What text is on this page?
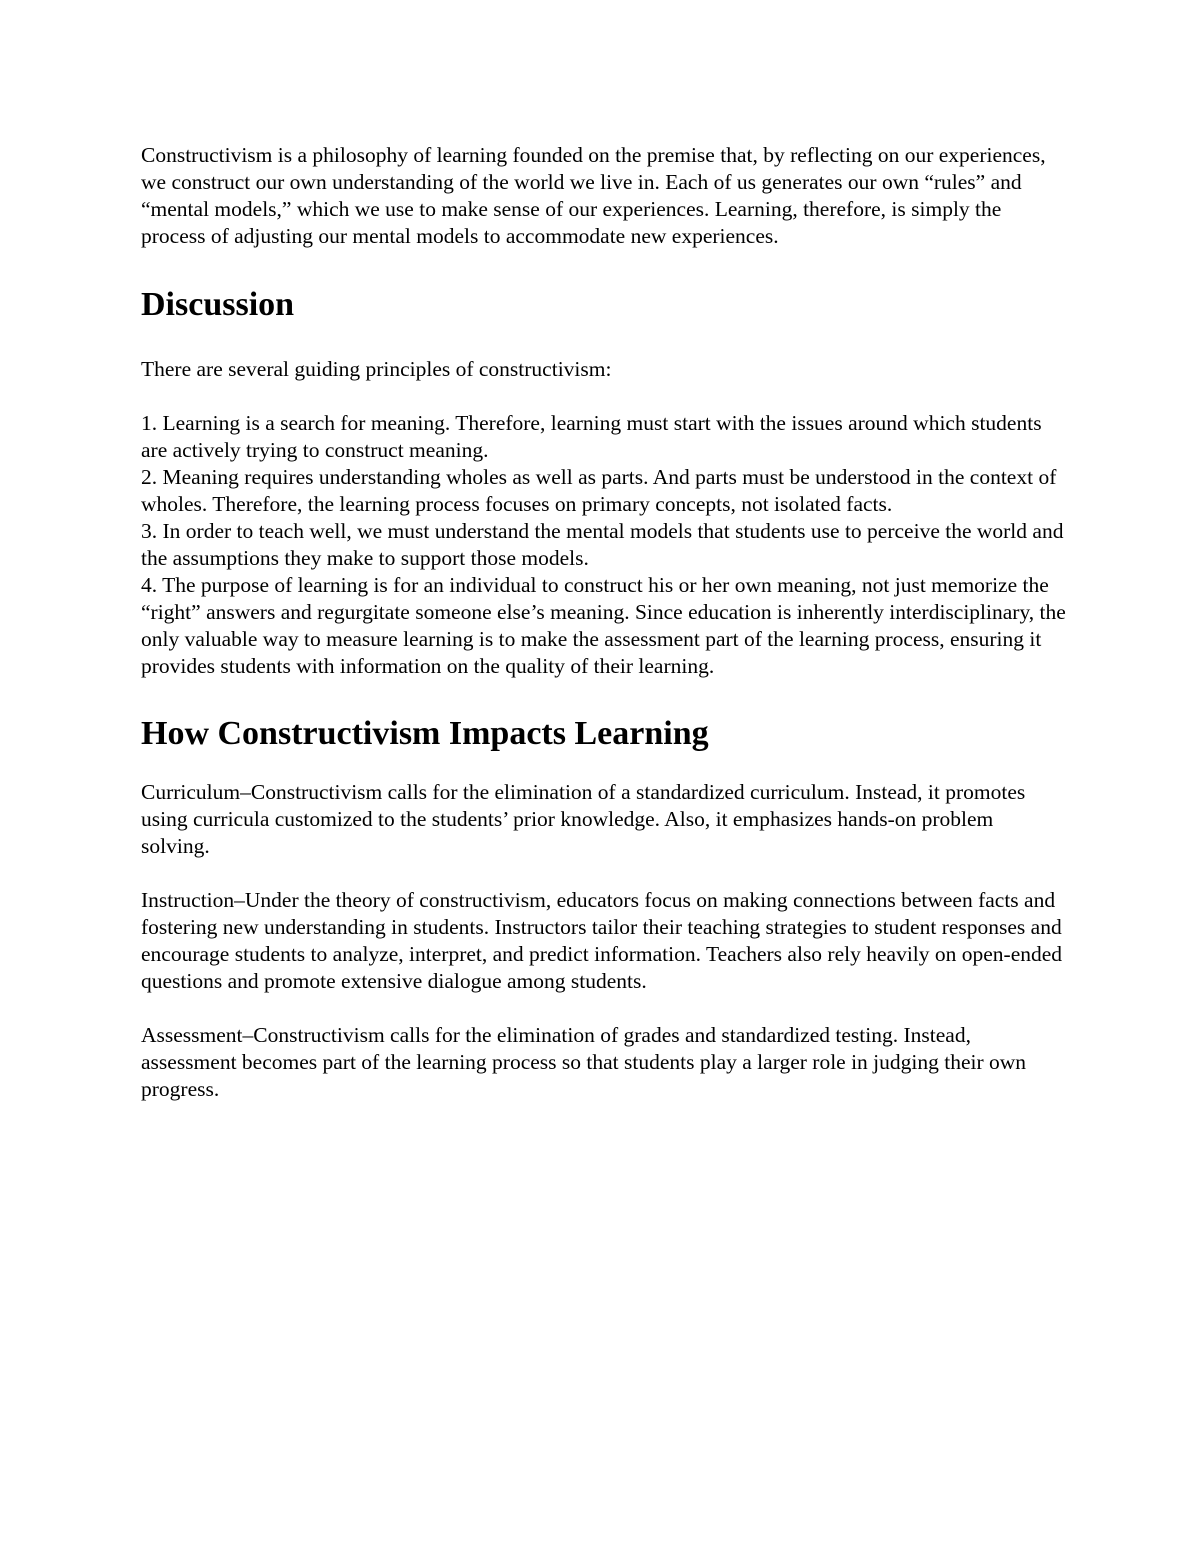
Constructivism is a philosophy of learning founded on the premise that, by reflecting on our experiences, we construct our own understanding of the world we live in. Each of us generates our own “rules” and “mental models,” which we use to make sense of our experiences. Learning, therefore, is simply the process of adjusting our mental models to accommodate new experiences.

Discussion

There are several guiding principles of constructivism:

1. Learning is a search for meaning. Therefore, learning must start with the issues around which students are actively trying to construct meaning.

2. Meaning requires understanding wholes as well as parts. And parts must be understood in the context of wholes. Therefore, the learning process focuses on primary concepts, not isolated facts.

3. In order to teach well, we must understand the mental models that students use to perceive the world and the assumptions they make to support those models.

4. The purpose of learning is for an individual to construct his or her own meaning, not just memorize the “right” answers and regurgitate someone else’s meaning. Since education is inherently interdisciplinary, the only valuable way to measure learning is to make the assessment part of the learning process, ensuring it provides students with information on the quality of their learning.

How Constructivism Impacts Learning

Curriculum–Constructivism calls for the elimination of a standardized curriculum. Instead, it promotes using curricula customized to the students’ prior knowledge. Also, it emphasizes hands-on problem solving.

Instruction–Under the theory of constructivism, educators focus on making connections between facts and fostering new understanding in students. Instructors tailor their teaching strategies to student responses and encourage students to analyze, interpret, and predict information. Teachers also rely heavily on open-ended questions and promote extensive dialogue among students.

Assessment–Constructivism calls for the elimination of grades and standardized testing. Instead, assessment becomes part of the learning process so that students play a larger role in judging their own progress.
